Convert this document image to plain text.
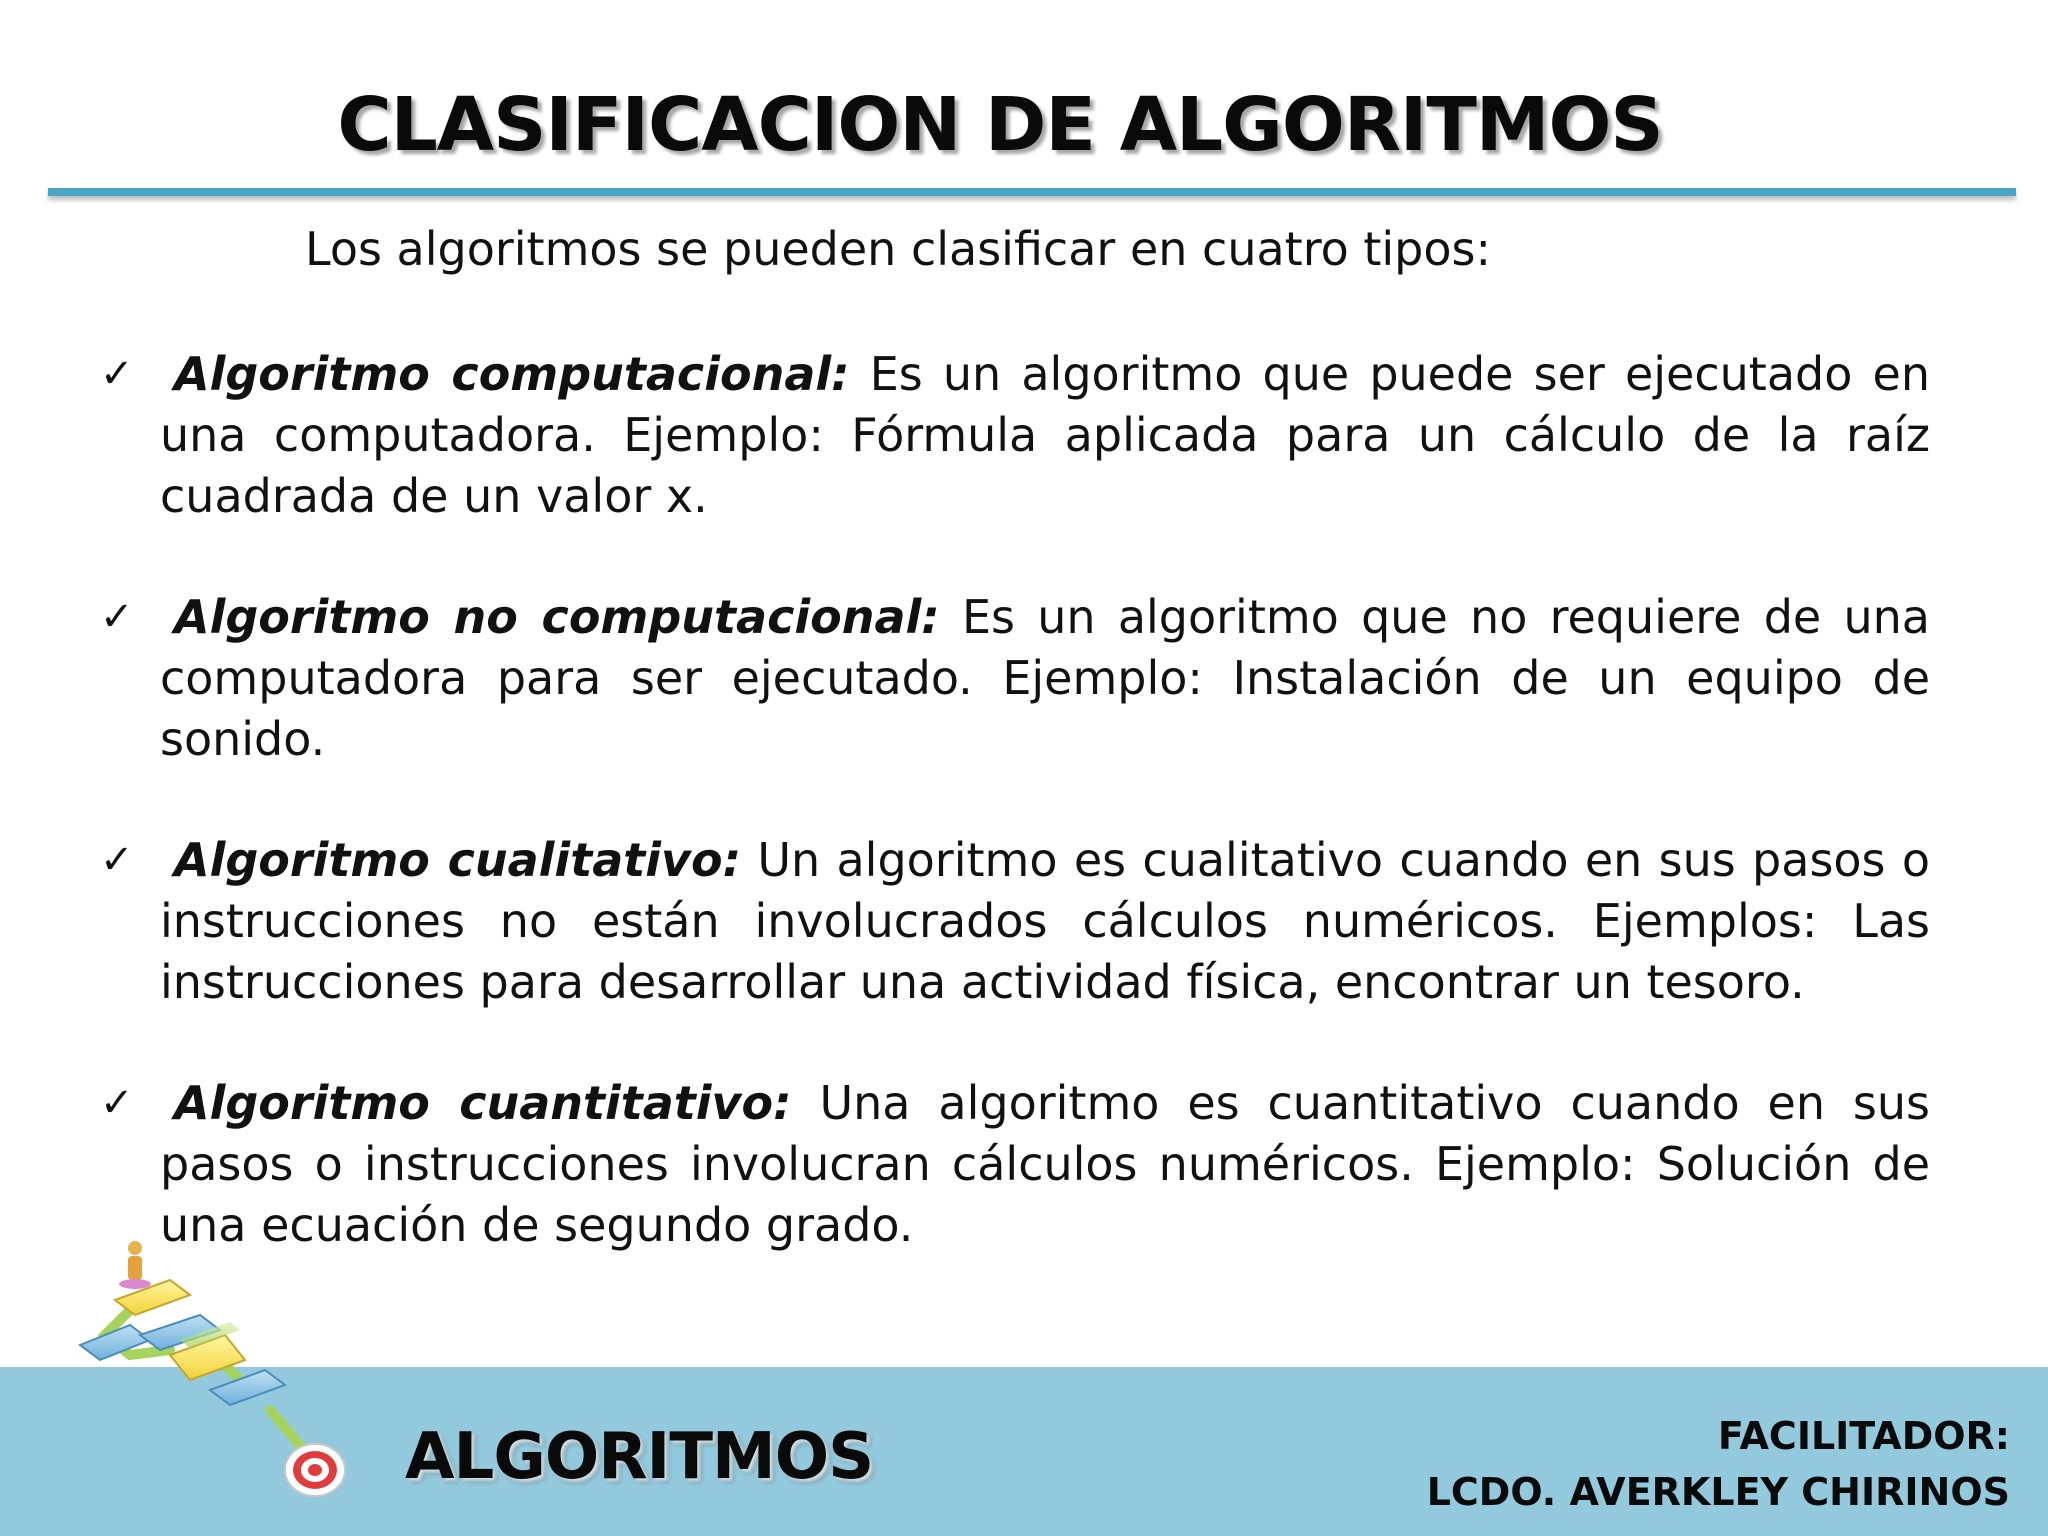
CLASIFICACION DE ALGORITMOS
Los algoritmos se pueden clasificar en cuatro tipos:
✓ Algoritmo computacional: Es un algoritmo que puede ser ejecutado en una computadora. Ejemplo: Fórmula aplicada para un cálculo de la raíz cuadrada de un valor x.
✓ Algoritmo no computacional: Es un algoritmo que no requiere de una computadora para ser ejecutado. Ejemplo: Instalación de un equipo de sonido.
✓ Algoritmo cualitativo: Un algoritmo es cualitativo cuando en sus pasos o instrucciones no están involucrados cálculos numéricos. Ejemplos: Las instrucciones para desarrollar una actividad física, encontrar un tesoro.
✓ Algoritmo cuantitativo: Una algoritmo es cuantitativo cuando en sus pasos o instrucciones involucran cálculos numéricos. Ejemplo: Solución de una ecuación de segundo grado.
ALGORITMOS	FACILITADOR:
LCDO. AVERKLEY CHIRINOS
